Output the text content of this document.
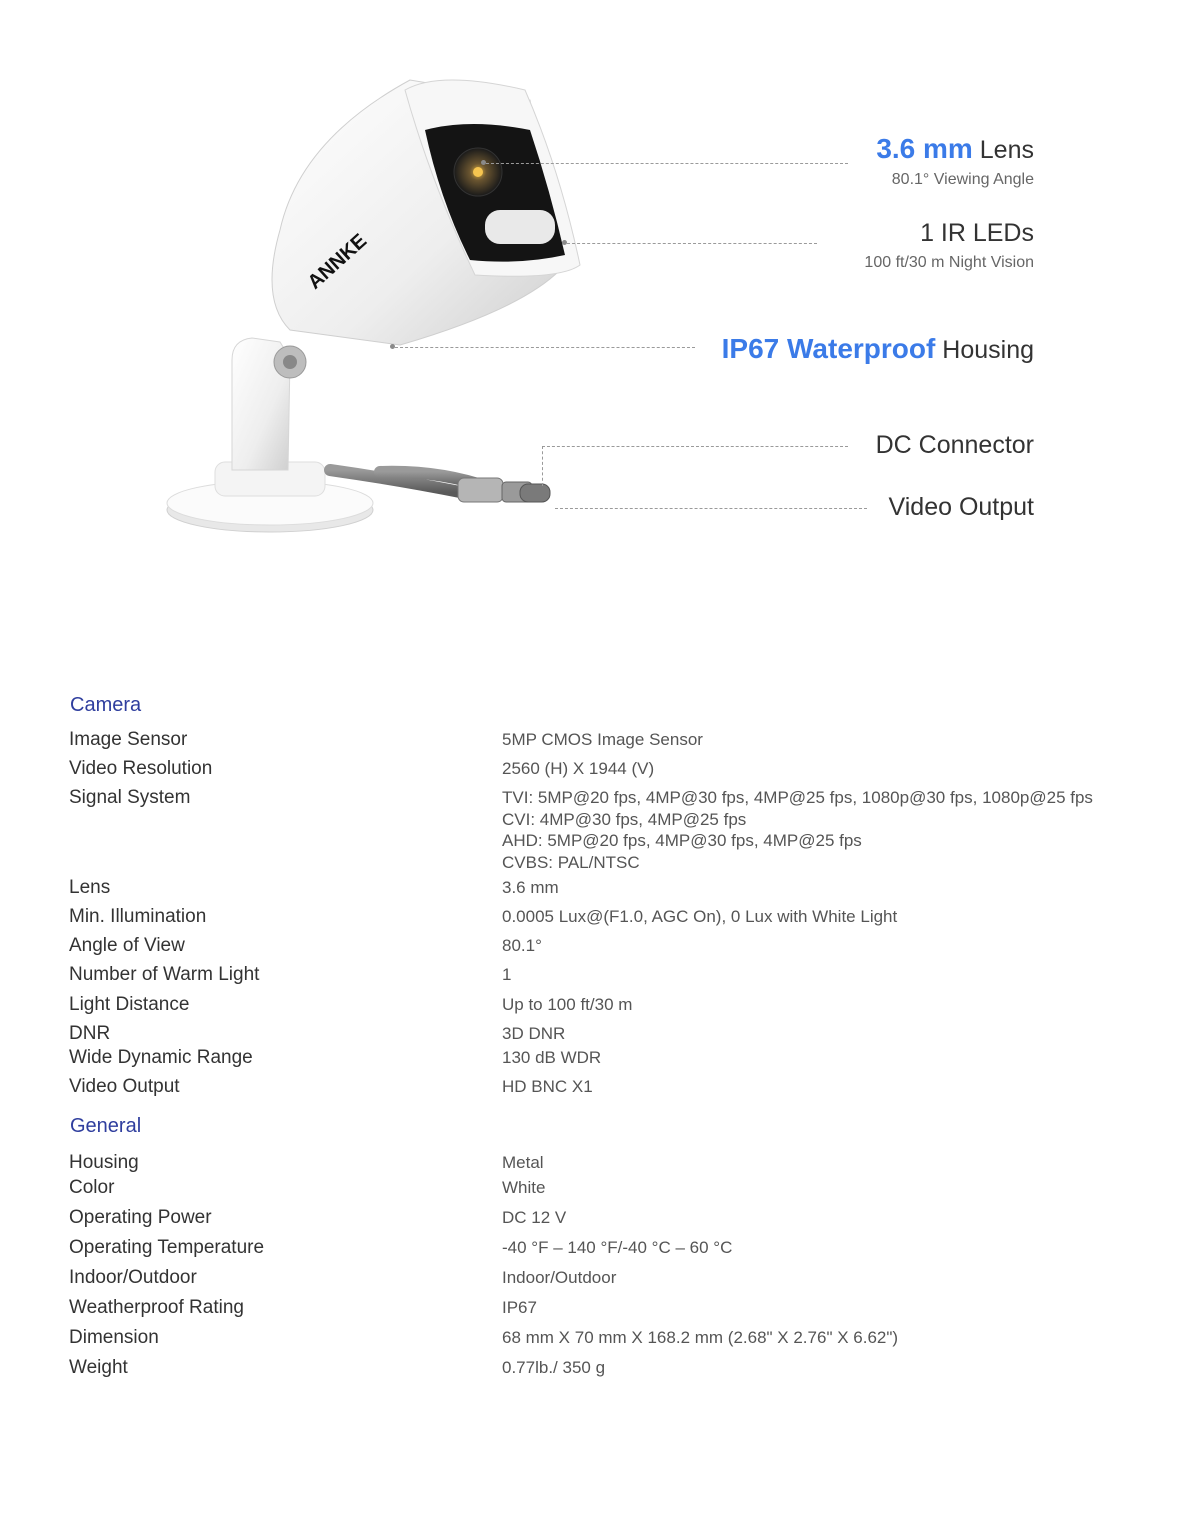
ANNKE
3.6 mm Lens
80.1° Viewing Angle
1 IR LEDs
100 ft/30 m Night Vision
IP67 Waterproof Housing
DC Connector
Video Output
Camera
Image Sensor	5MP CMOS Image Sensor
Video Resolution	2560 (H) X 1944 (V)
Signal System	TVI: 5MP@20 fps, 4MP@30 fps, 4MP@25 fps, 1080p@30 fps, 1080p@25 fps
CVI: 4MP@30 fps, 4MP@25 fps
AHD: 5MP@20 fps, 4MP@30 fps, 4MP@25 fps
CVBS: PAL/NTSC
Lens	3.6 mm
Min. Illumination	0.0005 Lux@(F1.0, AGC On), 0 Lux with White Light
Angle of View	80.1°
Number of Warm Light	1
Light Distance	Up to 100 ft/30 m
DNR	3D DNR
Wide Dynamic Range	130 dB WDR
Video Output	HD BNC X1
General
Housing	Metal
Color	White
Operating Power	DC 12 V
Operating Temperature	-40 °F – 140 °F/-40 °C – 60 °C
Indoor/Outdoor	Indoor/Outdoor
Weatherproof Rating	IP67
Dimension	68 mm X 70 mm X 168.2 mm (2.68" X 2.76" X 6.62")
Weight	0.77lb./ 350 g
